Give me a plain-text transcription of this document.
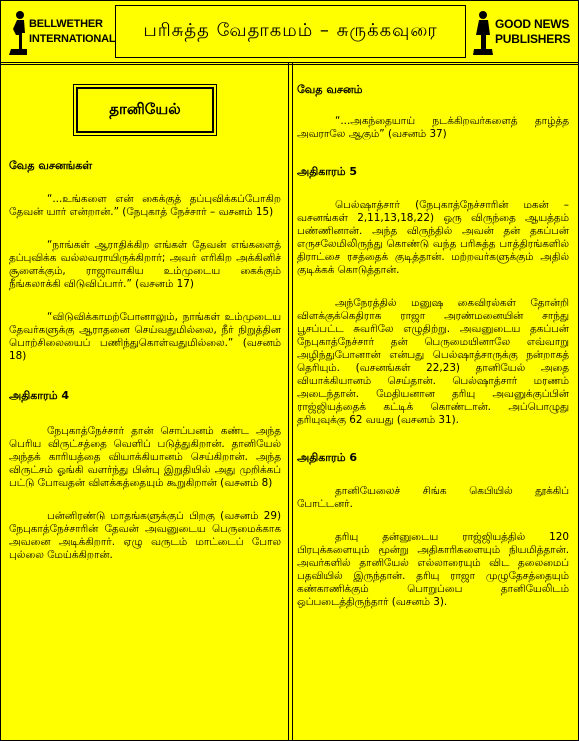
BELLWETHER
INTERNATIONAL	பரிசுத்த வேதாகமம் – சுருக்கவுரை	GOOD NEWS
PUBLISHERS
தானியேல்
வேத வசனங்கள்

“...உங்களை என் கைக்குத் தப்புவிக்கப்போகிற தேவன் யார் என்றான்.” (நேபுகாத் நேச்சார் – வசனம் 15)

“நாங்கள் ஆராதிக்கிற எங்கள் தேவன் எங்களைத் தப்புவிக்க வல்லவராயிருக்கிறார்; அவர் எரிகிற அக்கினிச் சூளைக்கும், ராஜாவாகிய உம்முடைய கைக்கும் நீங்கலாக்கி விடுவிப்பார்.” (வசனம் 17)

“விடுவிக்காமற்போனாலும், நாங்கள் உம்முடைய தேவர்களுக்கு ஆராதனை செய்வதுமில்லை, நீர் நிறுத்தின பொற்சிலையைப் பணிந்துகொள்வதுமில்லை.” (வசனம் 18)

அதிகாரம் 4

நேபுகாத்நேச்சார் தான் சொப்பனம் கண்ட அந்த பெரிய விருட்சத்தை வெளிப் படுத்துகிறான். தானியேல் அந்தக் காரியத்தை வியாக்கியானம் செய்கிறான். அந்த விருட்சம் ஓங்கி வளர்ந்து பின்பு இறுதியில் அது முறிக்கப் பட்டு போவதன் விளக்கத்தையும் கூறுகிறான் (வசனம் 8)

பன்னிரண்டு மாதங்களுக்குப் பிறகு (வசனம் 29) நேபுகாத்நேச்சாரின் தேவன் அவனுடைய பெருமைக்காக அவனை அடிக்கிறார். ஏழு வருடம் மாட்டைப் போல புல்லை மேய்க்கிறான்.

வேத வசனம்

“...அகந்தையாய் நடக்கிறவர்களைத் தாழ்த்த அவராலே ஆகும்” (வசனம் 37)

அதிகாரம் 5

பெல்ஷாத்சார் (நேபுகாத்நேச்சாரின் மகன் – வசனங்கள் 2,11,13,18,22) ஒரு விருந்தை ஆயத்தம் பண்ணினான். அந்த விருந்தில் அவன் தன் தகப்பன் எருசலேமிலிருந்து கொண்டு வந்த பரிசுத்த பாத்திரங்களில் திராட்சை ரசத்தைக் குடித்தான். மற்றவர்களுக்கும் அதில் குடிக்கக் கொடுத்தான்.

அந்நேரத்தில் மனுஷ கைவிரல்கள் தோன்றி விளக்குக்கெதிராக ராஜா அரண்மனையின் சாந்து பூசப்பட்ட சுவரிலே எழுதிற்று. அவனுடைய தகப்பன் நேபுகாத்நேச்சார் தன் பெருமையினாலே எவ்வாறு அழிந்துபோனான் என்பது பெல்ஷாத்சாருக்கு நன்றாகத் தெரியும். (வசனங்கள் 22,23) தானியேல் அதை வியாக்கியானம் செய்தான். பெல்ஷாத்சார் மரணம் அடைந்தான். மேதியனான தரியு அவனுக்குப்பின் ராஜ்ஜியத்தைக் கட்டிக் கொண்டான். அப்பொழுது தரியுவுக்கு 62 வயது (வசனம் 31).

அதிகாரம் 6

தானியேலைச் சிங்க கெபியில் தூக்கிப் போட்டனர்.

தரியு தன்னுடைய ராஜ்ஜியத்தில் 120 பிரபுக்களையும் மூன்று அதிகாரிகளையும் நியமித்தான். அவர்களில் தானியேல் எல்லாரையும் விட தலைமைப் பதவியில் இருந்தான். தரியு ராஜா முழுதேசத்தையும் கண்காணிக்கும் பொறுப்பை தானியேலிடம் ஒப்படைத்திருந்தார் (வசனம் 3).
